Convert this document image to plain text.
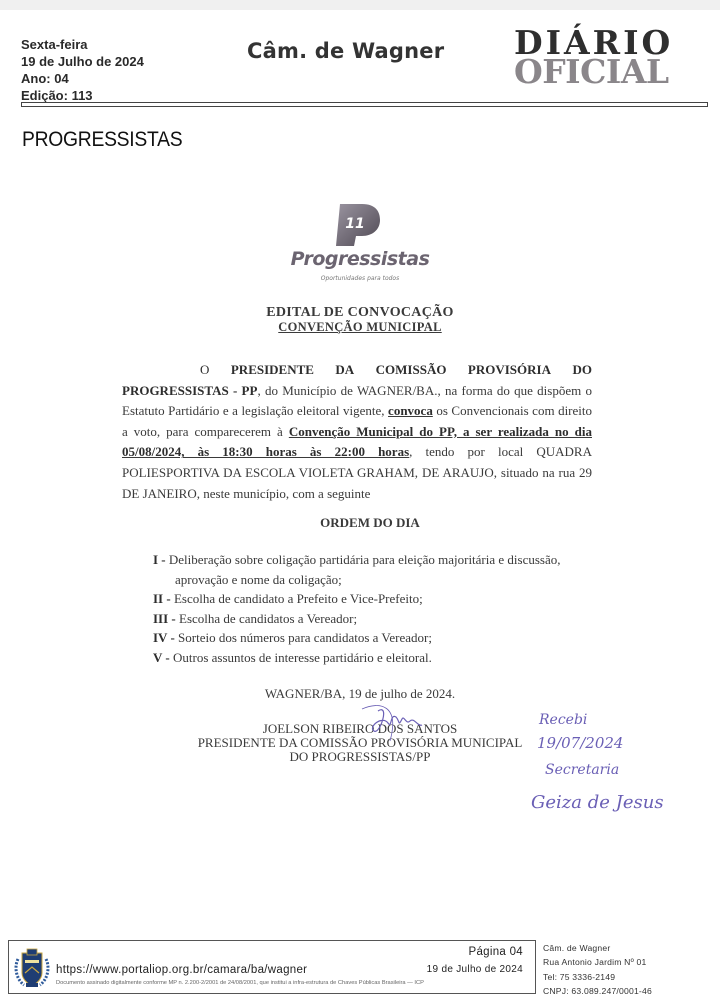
Sexta-feira
19 de Julho de 2024
Ano: 04
Edição: 113
Câm. de Wagner DIÁRIO
OFICIAL
PROGRESSISTAS
11
Progressistas
Oportunidades para todos
EDITAL DE CONVOCAÇÃO
CONVENÇÃO MUNICIPAL
O PRESIDENTE DA COMISSÃO PROVISÓRIA DO
PROGRESSISTAS - PP, do Município de WAGNER/BA., na forma do que dispõem o Estatuto Partidário e a legislação eleitoral vigente, convoca os Convencionais com direito a voto, para comparecerem à Convenção Municipal do PP, a ser realizada no dia 05/08/2024, às 18:30 horas às 22:00 horas, tendo por local QUADRA POLIESPORTIVA DA ESCOLA VIOLETA GRAHAM, DE ARAUJO, situado na rua 29 DE JANEIRO, neste município, com a seguinte
ORDEM DO DIA
I - Deliberação sobre coligação partidária para eleição majoritária e discussão,
aprovação e nome da coligação;
II - Escolha de candidato a Prefeito e Vice-Prefeito;
III - Escolha de candidatos a Vereador;
IV - Sorteio dos números para candidatos a Vereador;
V - Outros assuntos de interesse partidário e eleitoral.
WAGNER/BA, 19 de julho de 2024.
JOELSON RIBEIRO DOS SANTOS
PRESIDENTE DA COMISSÃO PROVISÓRIA MUNICIPAL
DO PROGRESSISTAS/PP
Recebi
19/07/2024
Secretaria
Geiza de Jesus
https://www.portaliop.org.br/camara/ba/wagner
Documento assinado digitalmente conforme MP n. 2.200-2/2001 de 24/08/2001, que institui a infra-estrutura de Chaves Públicas Brasileira — ICP
Página 04
19 de Julho de 2024
Câm. de Wagner
Rua Antonio Jardim Nº 01
Tel: 75 3336-2149
CNPJ: 63.089.247/0001-46
